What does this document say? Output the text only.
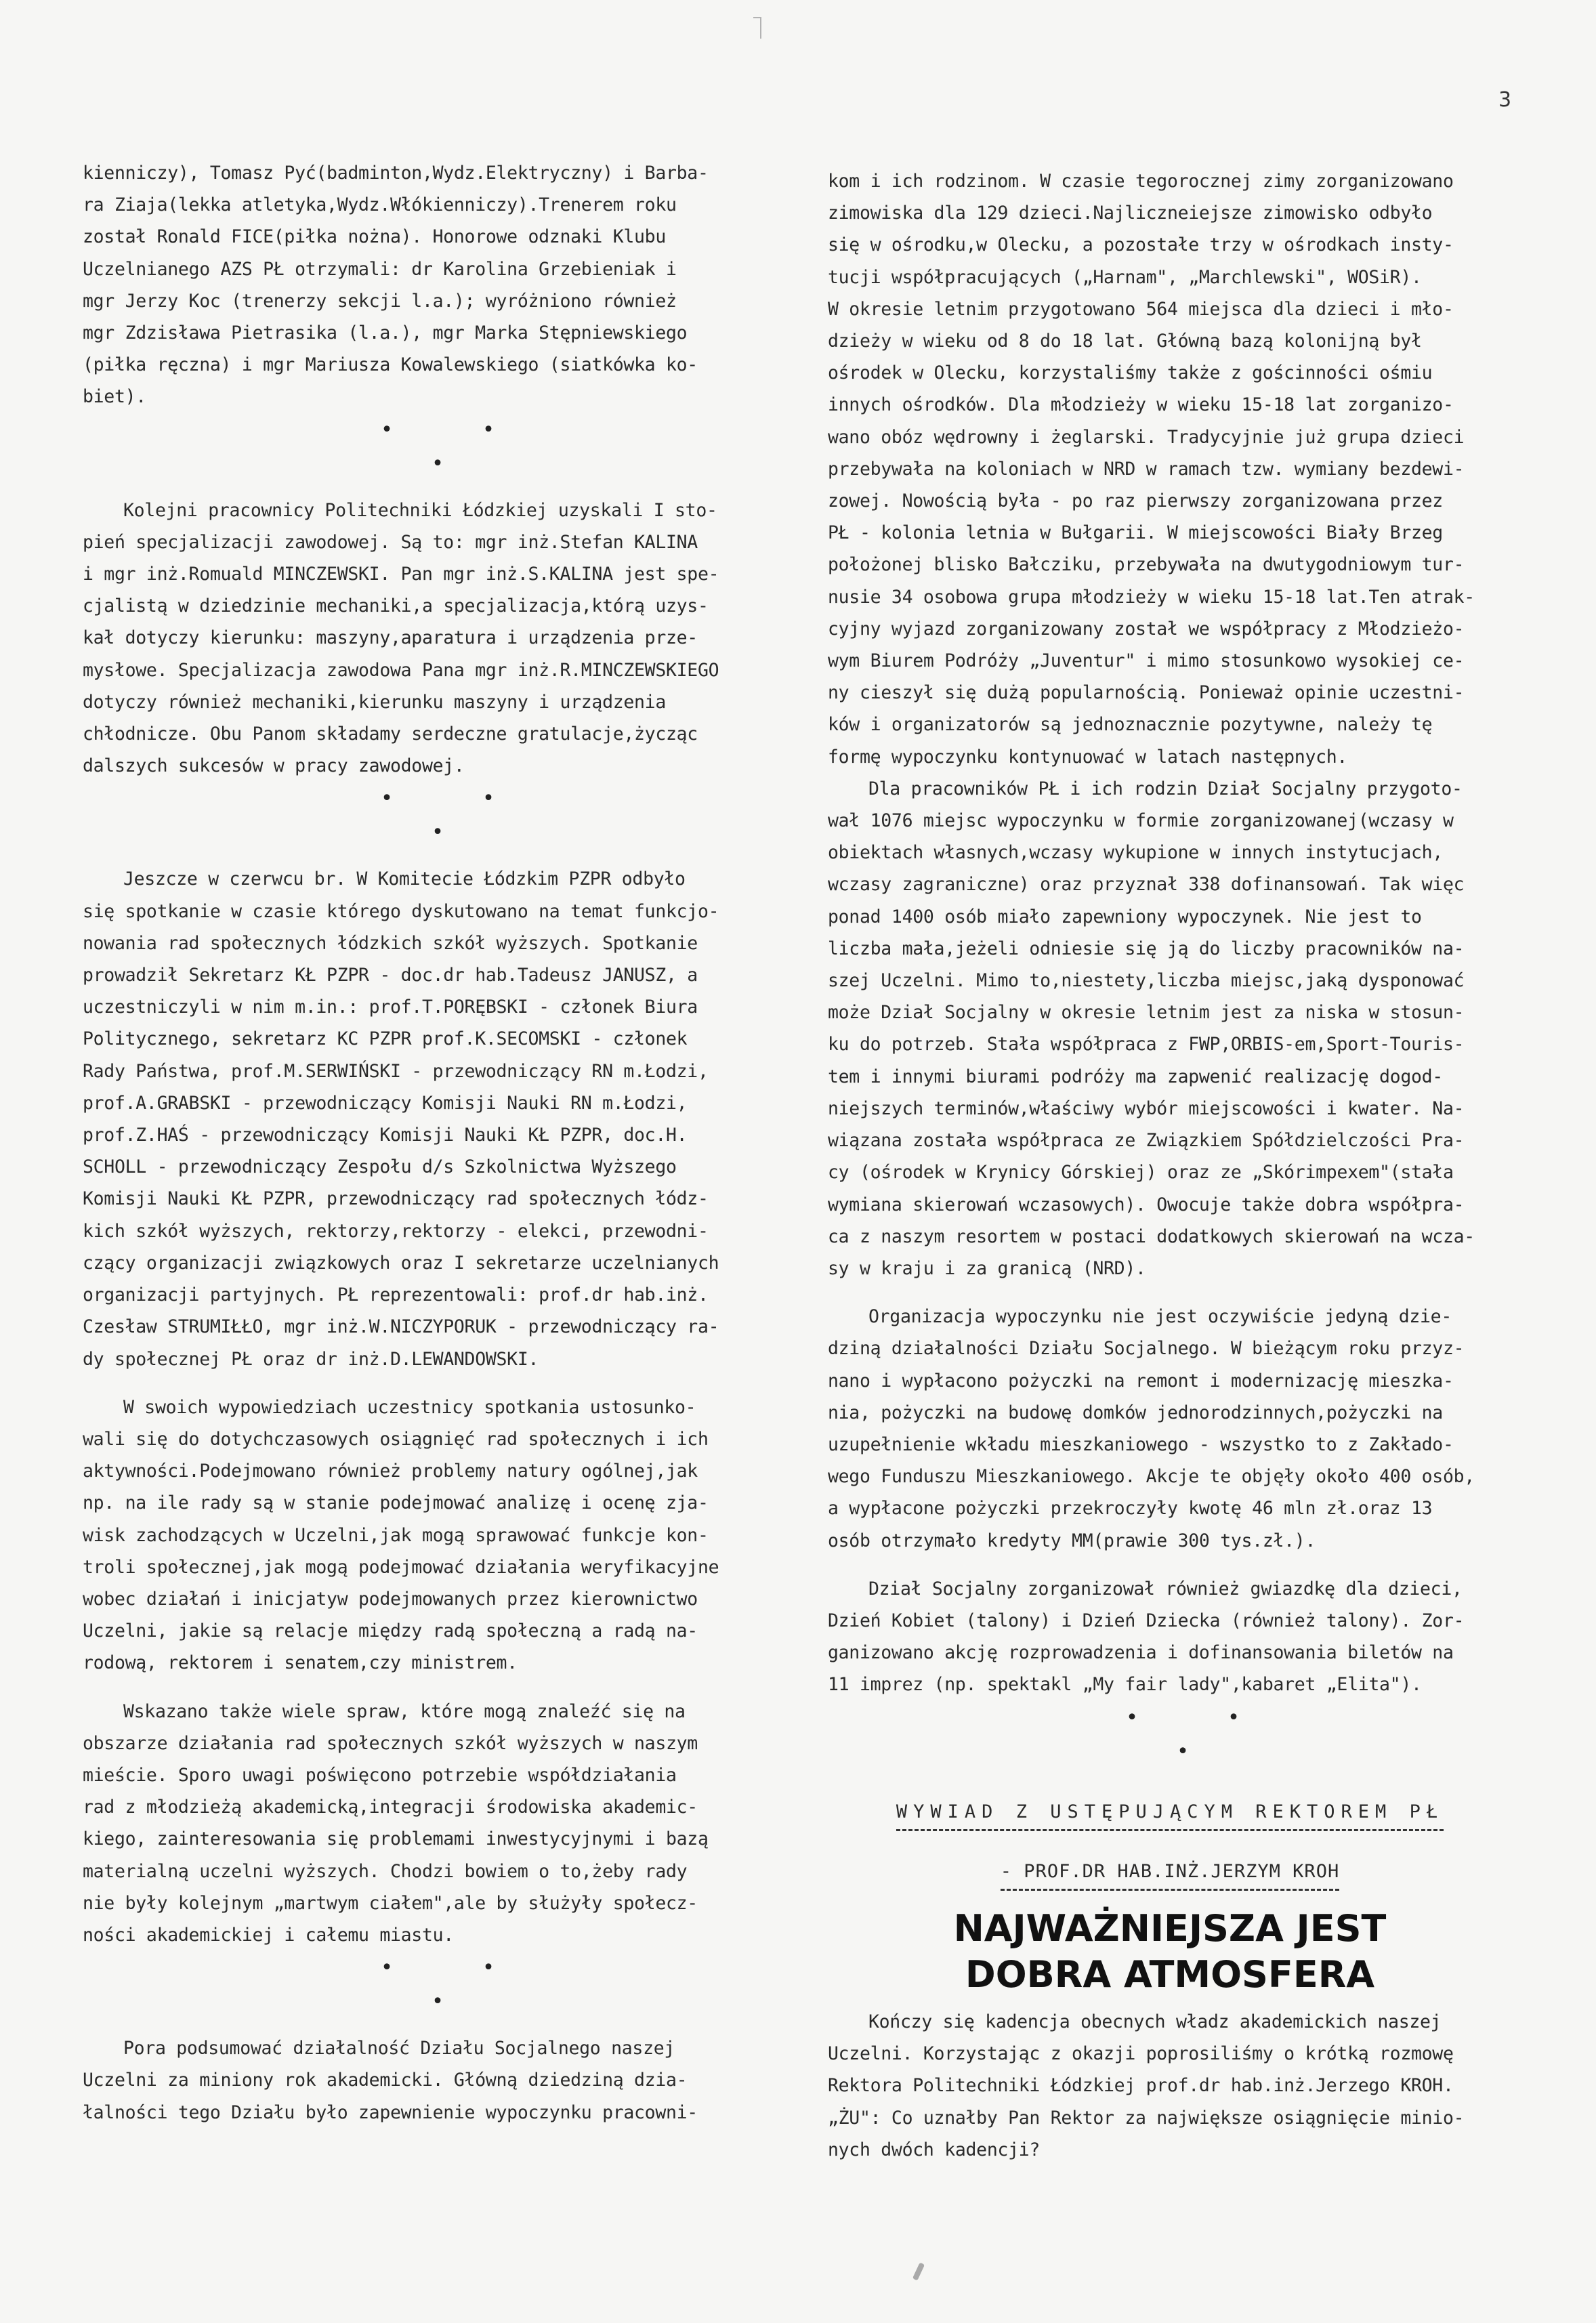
3
kienniczy), Tomasz Pyć(badminton,Wydz.Elektryczny) i Barba-
ra Ziaja(lekka atletyka,Wydz.Włókienniczy).Trenerem roku
został Ronald FICE(piłka nożna). Honorowe odznaki Klubu
Uczelnianego AZS PŁ otrzymali: dr Karolina Grzebieniak i
mgr Jerzy Koc (trenerzy sekcji l.a.); wyróżniono również
mgr Zdzisława Pietrasika (l.a.), mgr Marka Stępniewskiego
(piłka ręczna) i mgr Mariusza Kowalewskiego (siatkówka ko-
biet).
•	•
•
Kolejni pracownicy Politechniki Łódzkiej uzyskali I sto-
pień specjalizacji zawodowej. Są to: mgr inż.Stefan KALINA
i mgr inż.Romuald MINCZEWSKI. Pan mgr inż.S.KALINA jest spe-
cjalistą w dziedzinie mechaniki,a specjalizacja,którą uzys-
kał dotyczy kierunku: maszyny,aparatura i urządzenia prze-
mysłowe. Specjalizacja zawodowa Pana mgr inż.R.MINCZEWSKIEGO
dotyczy również mechaniki,kierunku maszyny i urządzenia
chłodnicze. Obu Panom składamy serdeczne gratulacje,życząc
dalszych sukcesów w pracy zawodowej.
•	•
•
Jeszcze w czerwcu br. W Komitecie Łódzkim PZPR odbyło
się spotkanie w czasie którego dyskutowano na temat funkcjo-
nowania rad społecznych łódzkich szkół wyższych. Spotkanie
prowadził Sekretarz KŁ PZPR - doc.dr hab.Tadeusz JANUSZ, a
uczestniczyli w nim m.in.: prof.T.PORĘBSKI - członek Biura
Politycznego, sekretarz KC PZPR prof.K.SECOMSKI - członek
Rady Państwa, prof.M.SERWIŃSKI - przewodniczący RN m.Łodzi,
prof.A.GRABSKI - przewodniczący Komisji Nauki RN m.Łodzi,
prof.Z.HAŚ - przewodniczący Komisji Nauki KŁ PZPR, doc.H.
SCHOLL - przewodniczący Zespołu d/s Szkolnictwa Wyższego
Komisji Nauki KŁ PZPR, przewodniczący rad społecznych łódz-
kich szkół wyższych, rektorzy,rektorzy - elekci, przewodni-
czący organizacji związkowych oraz I sekretarze uczelnianych
organizacji partyjnych. PŁ reprezentowali: prof.dr hab.inż.
Czesław STRUMIŁŁO, mgr inż.W.NICZYPORUK - przewodniczący ra-
dy społecznej PŁ oraz dr inż.D.LEWANDOWSKI.
W swoich wypowiedziach uczestnicy spotkania ustosunko-
wali się do dotychczasowych osiągnięć rad społecznych i ich
aktywności.Podejmowano również problemy natury ogólnej,jak
np. na ile rady są w stanie podejmować analizę i ocenę zja-
wisk zachodzących w Uczelni,jak mogą sprawować funkcje kon-
troli społecznej,jak mogą podejmować działania weryfikacyjne
wobec działań i inicjatyw podejmowanych przez kierownictwo
Uczelni, jakie są relacje między radą społeczną a radą na-
rodową, rektorem i senatem,czy ministrem.
Wskazano także wiele spraw, które mogą znaleźć się na
obszarze działania rad społecznych szkół wyższych w naszym
mieście. Sporo uwagi poświęcono potrzebie współdziałania
rad z młodzieżą akademicką,integracji środowiska akademic-
kiego, zainteresowania się problemami inwestycyjnymi i bazą
materialną uczelni wyższych. Chodzi bowiem o to,żeby rady
nie były kolejnym „martwym ciałem",ale by służyły społecz-
ności akademickiej i całemu miastu.
•	•
•
Pora podsumować działalność Działu Socjalnego naszej
Uczelni za miniony rok akademicki. Główną dziedziną dzia-
łalności tego Działu było zapewnienie wypoczynku pracowni-
kom i ich rodzinom. W czasie tegorocznej zimy zorganizowano
zimowiska dla 129 dzieci.Najliczneiejsze zimowisko odbyło
się w ośrodku,w Olecku, a pozostałe trzy w ośrodkach insty-
tucji współpracujących („Harnam", „Marchlewski", WOSiR).
W okresie letnim przygotowano 564 miejsca dla dzieci i mło-
dzieży w wieku od 8 do 18 lat. Główną bazą kolonijną był
ośrodek w Olecku, korzystaliśmy także z gościnności ośmiu
innych ośrodków. Dla młodzieży w wieku 15-18 lat zorganizo-
wano obóz wędrowny i żeglarski. Tradycyjnie już grupa dzieci
przebywała na koloniach w NRD w ramach tzw. wymiany bezdewi-
zowej. Nowością była - po raz pierwszy zorganizowana przez
PŁ - kolonia letnia w Bułgarii. W miejscowości Biały Brzeg
położonej blisko Bałcziku, przebywała na dwutygodniowym tur-
nusie 34 osobowa grupa młodzieży w wieku 15-18 lat.Ten atrak-
cyjny wyjazd zorganizowany został we współpracy z Młodzieżo-
wym Biurem Podróży „Juventur" i mimo stosunkowo wysokiej ce-
ny cieszył się dużą popularnością. Ponieważ opinie uczestni-
ków i organizatorów są jednoznacznie pozytywne, należy tę
formę wypoczynku kontynuować w latach następnych.
Dla pracowników PŁ i ich rodzin Dział Socjalny przygoto-
wał 1076 miejsc wypoczynku w formie zorganizowanej(wczasy w
obiektach własnych,wczasy wykupione w innych instytucjach,
wczasy zagraniczne) oraz przyznał 338 dofinansowań. Tak więc
ponad 1400 osób miało zapewniony wypoczynek. Nie jest to
liczba mała,jeżeli odniesie się ją do liczby pracowników na-
szej Uczelni. Mimo to,niestety,liczba miejsc,jaką dysponować
może Dział Socjalny w okresie letnim jest za niska w stosun-
ku do potrzeb. Stała współpraca z FWP,ORBIS-em,Sport-Touris-
tem i innymi biurami podróży ma zapwenić realizację dogod-
niejszych terminów,właściwy wybór miejscowości i kwater. Na-
wiązana została współpraca ze Związkiem Spółdzielczości Pra-
cy (ośrodek w Krynicy Górskiej) oraz ze „Skórimpexem"(stała
wymiana skierowań wczasowych). Owocuje także dobra współpra-
ca z naszym resortem w postaci dodatkowych skierowań na wcza-
sy w kraju i za granicą (NRD).
Organizacja wypoczynku nie jest oczywiście jedyną dzie-
dziną działalności Działu Socjalnego. W bieżącym roku przyz-
nano i wypłacono pożyczki na remont i modernizację mieszka-
nia, pożyczki na budowę domków jednorodzinnych,pożyczki na
uzupełnienie wkładu mieszkaniowego - wszystko to z Zakłado-
wego Funduszu Mieszkaniowego. Akcje te objęły około 400 osób,
a wypłacone pożyczki przekroczyły kwotę 46 mln zł.oraz 13
osób otrzymało kredyty MM(prawie 300 tys.zł.).
Dział Socjalny zorganizował również gwiazdkę dla dzieci,
Dzień Kobiet (talony) i Dzień Dziecka (również talony). Zor-
ganizowano akcję rozprowadzenia i dofinansowania biletów na
11 imprez (np. spektakl „My fair lady",kabaret „Elita").
•	•
•
WYWIAD Z USTĘPUJĄCYM REKTOREM PŁ
- PROF.DR HAB.INŻ.JERZYM KROH
NAJWAŻNIEJSZA JEST
DOBRA ATMOSFERA
Kończy się kadencja obecnych władz akademickich naszej
Uczelni. Korzystając z okazji poprosiliśmy o krótką rozmowę
Rektora Politechniki Łódzkiej prof.dr hab.inż.Jerzego KROH.
„ŻU": Co uznałby Pan Rektor za największe osiągnięcie minio-
nych dwóch kadencji?
